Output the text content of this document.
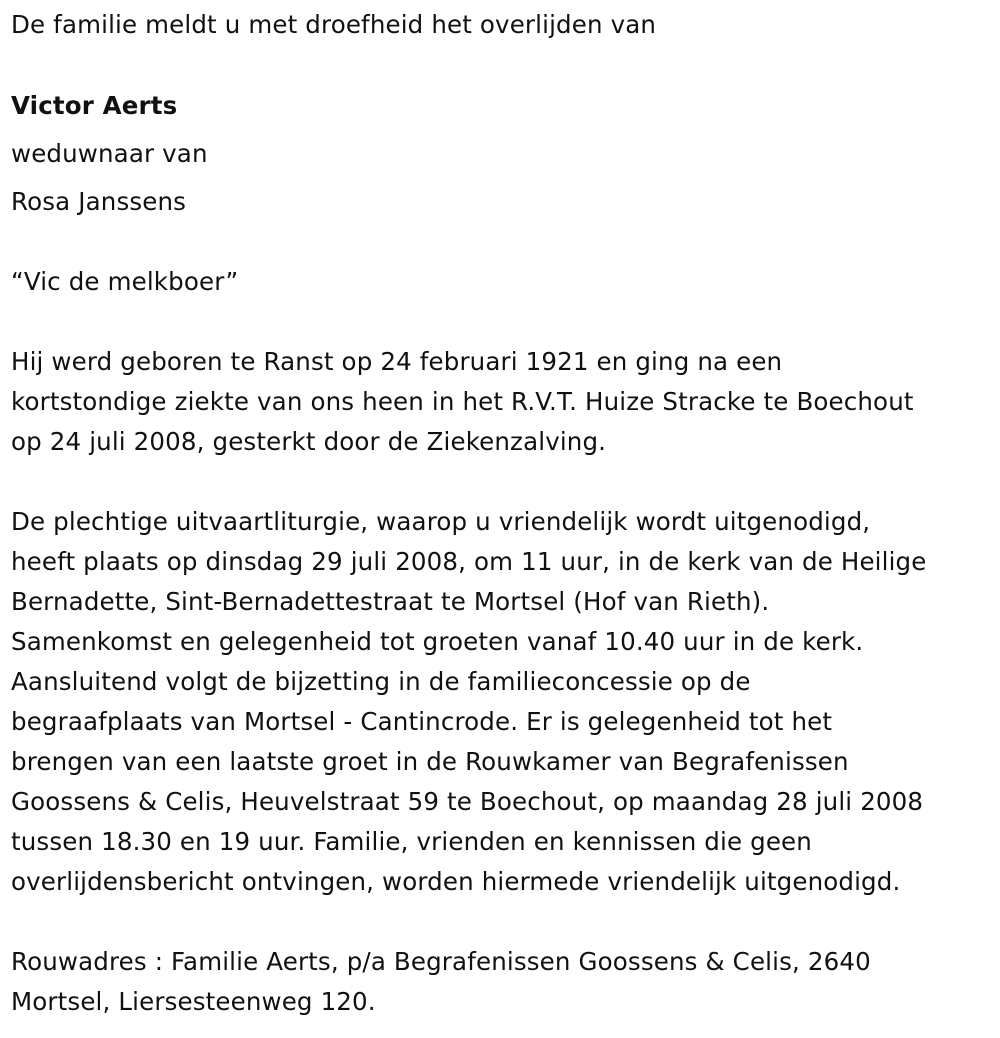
De familie meldt u met droefheid het overlijden van
Victor Aerts
weduwnaar van
Rosa Janssens
“Vic de melkboer”
Hij werd geboren te Ranst op 24 februari 1921 en ging na een
kortstondige ziekte van ons heen in het R.V.T. Huize Stracke te Boechout
op 24 juli 2008, gesterkt door de Ziekenzalving.
De plechtige uitvaartliturgie, waarop u vriendelijk wordt uitgenodigd,
heeft plaats op dinsdag 29 juli 2008, om 11 uur, in de kerk van de Heilige
Bernadette, Sint-Bernadettestraat te Mortsel (Hof van Rieth).
Samenkomst en gelegenheid tot groeten vanaf 10.40 uur in de kerk.
Aansluitend volgt de bijzetting in de familieconcessie op de
begraafplaats van Mortsel - Cantincrode. Er is gelegenheid tot het
brengen van een laatste groet in de Rouwkamer van Begrafenissen
Goossens & Celis, Heuvelstraat 59 te Boechout, op maandag 28 juli 2008
tussen 18.30 en 19 uur. Familie, vrienden en kennissen die geen
overlijdensbericht ontvingen, worden hiermede vriendelijk uitgenodigd.
Rouwadres : Familie Aerts, p/a Begrafenissen Goossens & Celis, 2640
Mortsel, Liersesteenweg 120.
